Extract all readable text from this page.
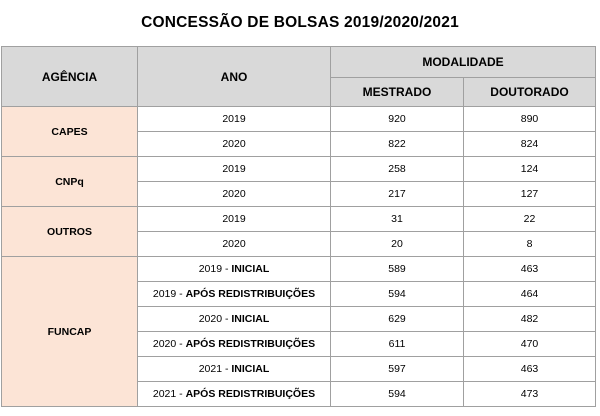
CONCESSÃO DE BOLSAS 2019/2020/2021
AGÊNCIA	ANO	MODALIDADE	
		MESTRADO	DOUTORADO
CAPES	2019	920	890
	2020	822	824
CNPq	2019	258	124
	2020	217	127
OUTROS	2019	31	22
	2020	20	8
FUNCAP	2019 - INICIAL	589	463
	2019 - APÓS REDISTRIBUIÇÕES	594	464
	2020 - INICIAL	629	482
	2020 - APÓS REDISTRIBUIÇÕES	611	470
	2021 - INICIAL	597	463
	2021 - APÓS REDISTRIBUIÇÕES	594	473
